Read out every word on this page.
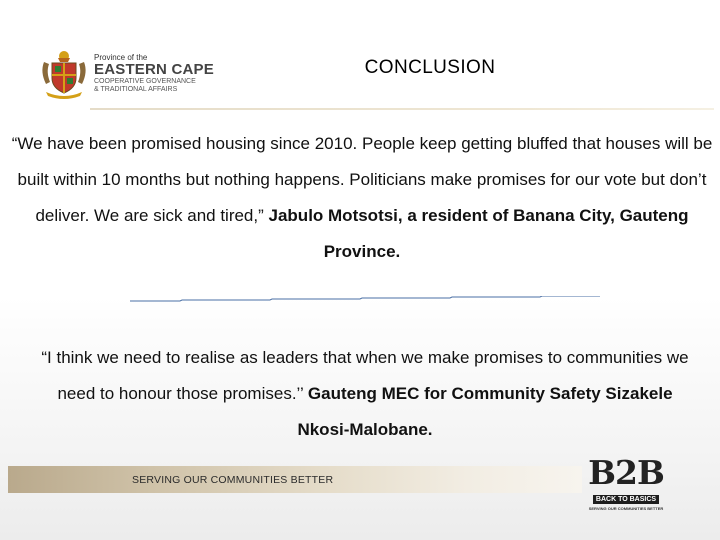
Province of the
EASTERN CAPE
COOPERATIVE GOVERNANCE
& TRADITIONAL AFFAIRS
CONCLUSION
“We have been promised housing since 2010. People keep getting bluffed that houses will be built within 10 months but nothing happens. Politicians make promises for our vote but don’t deliver. We are sick and tired,” Jabulo Motsotsi, a resident of Banana City, Gauteng Province.
“I think we need to realise as leaders that when we make promises to communities we need to honour those promises.’’ Gauteng MEC for Community Safety Sizakele Nkosi-Malobane.
SERVING OUR COMMUNITIES BETTER	B2B
BACK TO BASICS
SERVING OUR COMMUNITIES BETTER
